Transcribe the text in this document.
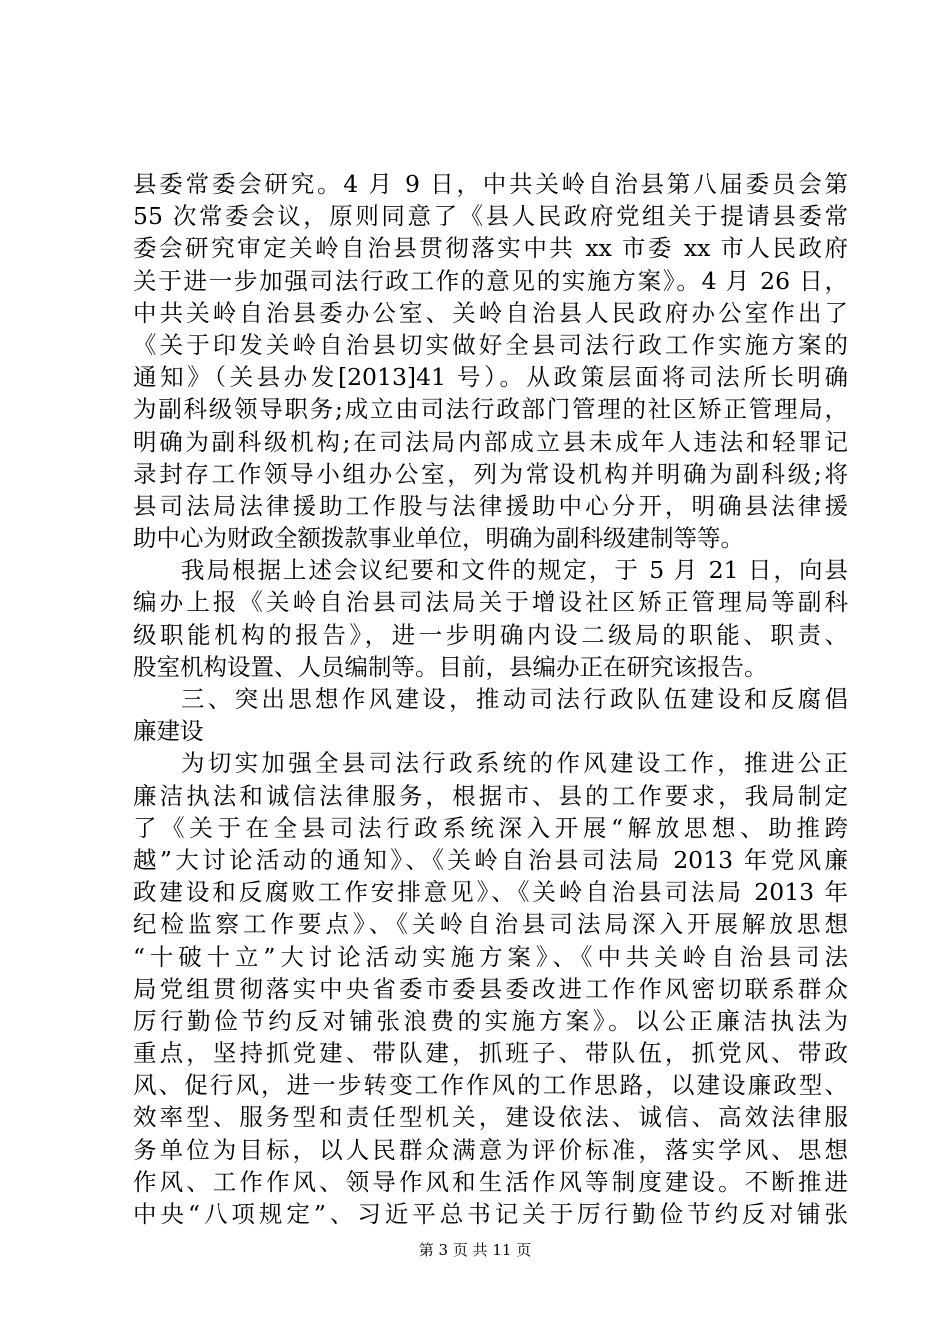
县委常委会研究。4 月 9 日，中共关岭自治县第八届委员会第
55 次常委会议，原则同意了《县人民政府党组关于提请县委常
委会研究审定关岭自治县贯彻落实中共 xx 市委 xx 市人民政府
关于进一步加强司法行政工作的意见的实施方案》。4 月 26 日，
中共关岭自治县委办公室、关岭自治县人民政府办公室作出了
《关于印发关岭自治县切实做好全县司法行政工作实施方案的
通知》（关县办发[2013]41 号）。从政策层面将司法所长明确
为副科级领导职务;成立由司法行政部门管理的社区矫正管理局，
明确为副科级机构;在司法局内部成立县未成年人违法和轻罪记
录封存工作领导小组办公室，列为常设机构并明确为副科级;将
县司法局法律援助工作股与法律援助中心分开，明确县法律援
助中心为财政全额拨款事业单位，明确为副科级建制等等。
我局根据上述会议纪要和文件的规定，于 5 月 21 日，向县
编办上报《关岭自治县司法局关于增设社区矫正管理局等副科
级职能机构的报告》，进一步明确内设二级局的职能、职责、
股室机构设置、人员编制等。目前，县编办正在研究该报告。
三、突出思想作风建设，推动司法行政队伍建设和反腐倡
廉建设
为切实加强全县司法行政系统的作风建设工作，推进公正
廉洁执法和诚信法律服务，根据市、县的工作要求，我局制定
了《关于在全县司法行政系统深入开展“解放思想、助推跨
越”大讨论活动的通知》、《关岭自治县司法局 2013 年党风廉
政建设和反腐败工作安排意见》、《关岭自治县司法局 2013 年
纪检监察工作要点》、《关岭自治县司法局深入开展解放思想
“十破十立”大讨论活动实施方案》、《中共关岭自治县司法
局党组贯彻落实中央省委市委县委改进工作作风密切联系群众
厉行勤俭节约反对铺张浪费的实施方案》。以公正廉洁执法为
重点，坚持抓党建、带队建，抓班子、带队伍，抓党风、带政
风、促行风，进一步转变工作作风的工作思路，以建设廉政型、
效率型、服务型和责任型机关，建设依法、诚信、高效法律服
务单位为目标，以人民群众满意为评价标准，落实学风、思想
作风、工作作风、领导作风和生活作风等制度建设。不断推进
中央“八项规定”、习近平总书记关于厉行勤俭节约反对铺张
第 3 页 共 11 页
